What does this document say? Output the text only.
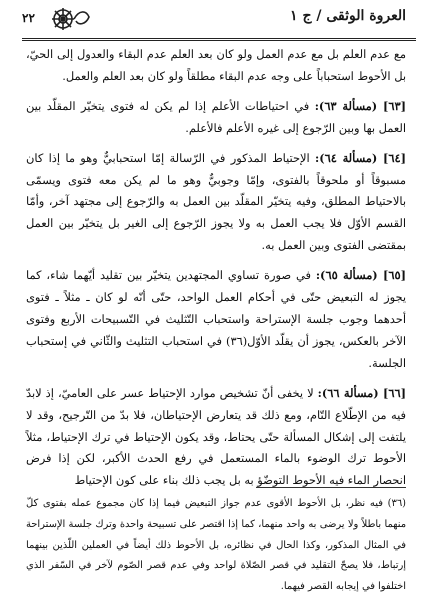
العروة الوثقى / ج ١
٢٢

مع عدم العلم بل مع عدم العمل ولو كان بعد العلم عدم البقاء والعدول إلى الحيّ، بل الأحوط استحباباً على وجه عدم البقاء مطلقاً ولو كان بعد العلم والعمل.

[٦٣] (مسألة ٦٣): في احتياطات الأعلم إذا لم يكن له فتوى يتخيّر المقلّد بين العمل بها وبين الرّجوع إلى غيره الأعلم فالأعلم.

[٦٤] (مسألة ٦٤): الإحتياط المذكور في الرّسالة إمّا استحبابيٌّ وهو ما إذا كان مسبوقاً أو ملحوقاً بالفتوى، وإمّا وجوبيٌّ وهو ما لم يكن معه فتوى ويسمّى بالاحتياط المطلق، وفيه يتخيّر المقلّد بين العمل به والرّجوع إلى مجتهد آخر، وأمّا القسم الأوّل فلا يجب العمل به ولا يجوز الرّجوع إلى الغير بل يتخيّر بين العمل بمقتضى الفتوى وبين العمل به.

[٦٥] (مسألة ٦٥): في صورة تساوي المجتهدين يتخيّر بين تقليد أيّهما شاء، كما يجوز له التبعيض حتّى في أحكام العمل الواحد، حتّى أنّه لو كان ـ مثلاً ـ فتوى أحدهما وجوب جلسة الإستراحة واستحباب التّثليث في التّسبيحات الأربع وفتوى الآخر بالعكس، يجوز أن يقلّد الأوّل(٣٦) في استحباب التثليث والثّاني في إستحباب الجلسة.

[٦٦] (مسألة ٦٦): لا يخفى أنّ تشخيص موارد الإحتياط عسر على العاميّ، إذ لابدّ فيه من الإطّلاع التّام، ومع ذلك قد يتعارض الإحتياطان، فلا بدّ من التّرجيح، وقد لا يلتفت إلى إشكال المسألة حتّى يحتاط، وقد يكون الإحتياط في ترك الإحتياط، مثلاً الأحوط ترك الوضوء بالماء المستعمل في رفع الحدث الأكبر، لكن إذا فرض انحصار الماء فيه الأحوط التوضّؤ به بل يجب ذلك بناء على كون الإحتياط

(٣٦) فيه نظر، بل الأحوط الأقوى عدم جواز التبعيض فيما إذا كان مجموع عمله بفتوى كلّ منهما باطلاً ولا يرضى به واحد منهما، كما إذا اقتصر على تسبيحة واحدة وترك جلسة الإستراحة في المثال المذكور، وكذا الحال في نظائره، بل الأحوط ذلك أيضاً في العملين اللّذين بينهما إرتباط، فلا يصحّ التقليد في قصر الصّلاة لواحد وفي عدم قصر الصّوم لآخر في السّفر الذي اختلفوا في إيجابه القصر فيهما.
